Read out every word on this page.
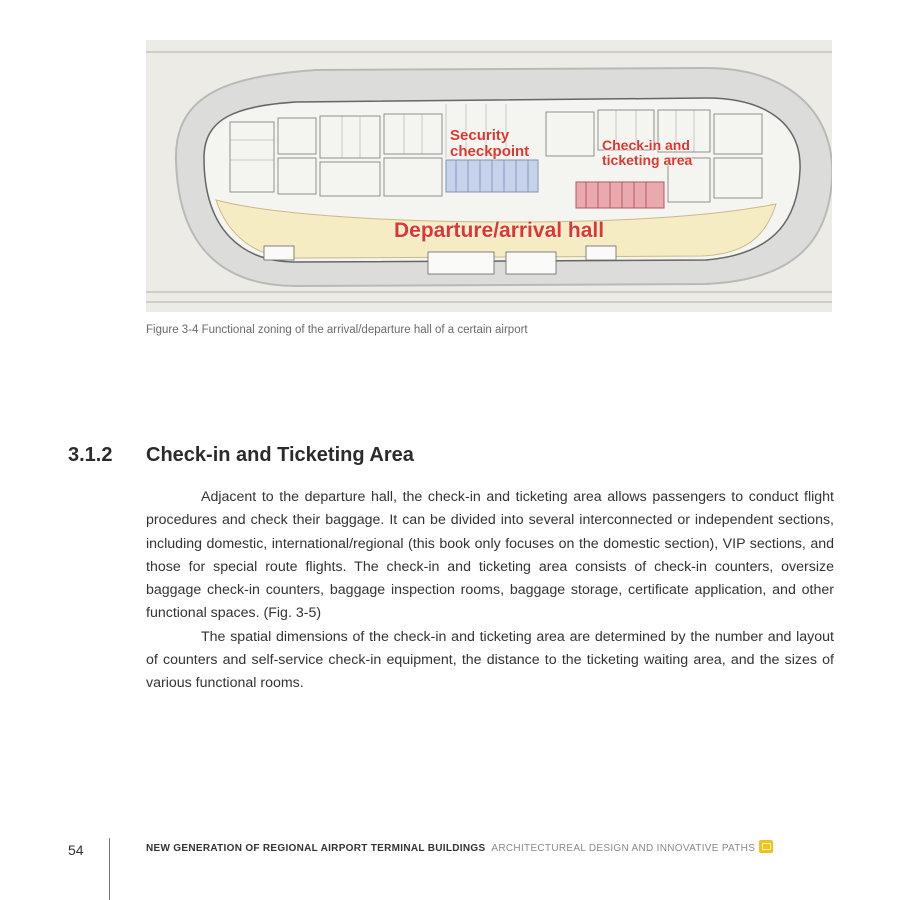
Security
checkpoint	Check-in and
ticketing area
Departure/arrival hall
Figure 3-4 Functional zoning of the arrival/departure hall of a certain airport
3.1.2 Check-in and Ticketing Area

Adjacent to the departure hall, the check-in and ticketing area allows passengers to conduct flight procedures and check their baggage. It can be divided into several interconnected or independent sections, including domestic, international/regional (this book only focuses on the domestic section), VIP sections, and those for special route flights. The check-in and ticketing area consists of check-in counters, oversize baggage check-in counters, baggage inspection rooms, baggage storage, certificate application, and other functional spaces. (Fig. 3-5)

The spatial dimensions of the check-in and ticketing area are determined by the number and layout of counters and self-service check-in equipment, the distance to the ticketing waiting area, and the sizes of various functional rooms.

54	NEW GENERATION OF REGIONAL AIRPORT TERMINAL BUILDINGS ARCHITECTUREAL DESIGN AND INNOVATIVE PATHS
